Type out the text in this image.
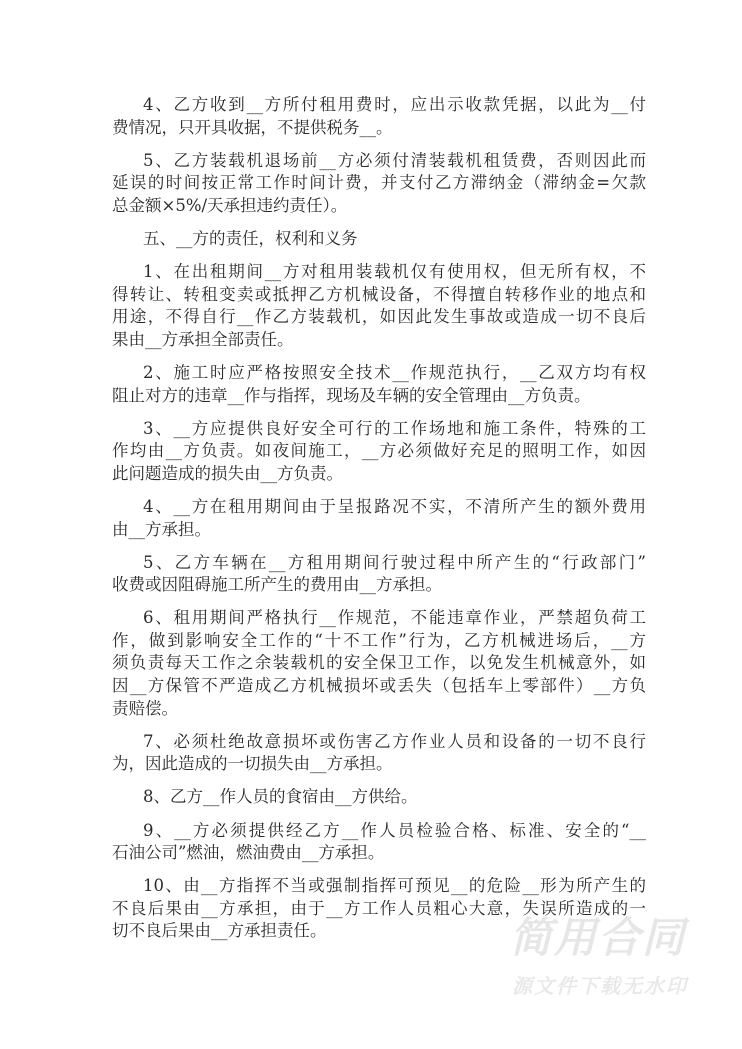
4、乙方收到__方所付租用费时，应出示收款凭据，以此为__付
费情况，只开具收据，不提供税务__。
5、乙方装载机退场前__方必须付清装载机租赁费，否则因此而
延误的时间按正常工作时间计费，并支付乙方滞纳金（滞纳金=欠款
总金额×5%/天承担违约责任）。
五、__方的责任，权利和义务
1、在出租期间__方对租用装载机仅有使用权，但无所有权，不
得转让、转租变卖或抵押乙方机械设备，不得擅自转移作业的地点和
用途，不得自行__作乙方装载机，如因此发生事故或造成一切不良后
果由__方承担全部责任。
2、施工时应严格按照安全技术__作规范执行，__乙双方均有权
阻止对方的违章__作与指挥，现场及车辆的安全管理由__方负责。
3、__方应提供良好安全可行的工作场地和施工条件，特殊的工
作均由__方负责。如夜间施工，__方必须做好充足的照明工作，如因
此问题造成的损失由__方负责。
4、__方在租用期间由于呈报路况不实，不清所产生的额外费用
由__方承担。
5、乙方车辆在__方租用期间行驶过程中所产生的“行政部门”
收费或因阻碍施工所产生的费用由__方承担。
6、租用期间严格执行__作规范，不能违章作业，严禁超负荷工
作，做到影响安全工作的“十不工作”行为，乙方机械进场后，__方
须负责每天工作之余装载机的安全保卫工作，以免发生机械意外，如
因__方保管不严造成乙方机械损坏或丢失（包括车上零部件）__方负
责赔偿。
7、必须杜绝故意损坏或伤害乙方作业人员和设备的一切不良行
为，因此造成的一切损失由__方承担。
8、乙方__作人员的食宿由__方供给。
9、__方必须提供经乙方__作人员检验合格、标准、安全的“__
石油公司”燃油，燃油费由__方承担。
10、由__方指挥不当或强制指挥可预见__的危险__形为所产生的
不良后果由__方承担，由于__方工作人员粗心大意，失误所造成的一
切不良后果由__方承担责任。	简用合同
源文件下载无水印
